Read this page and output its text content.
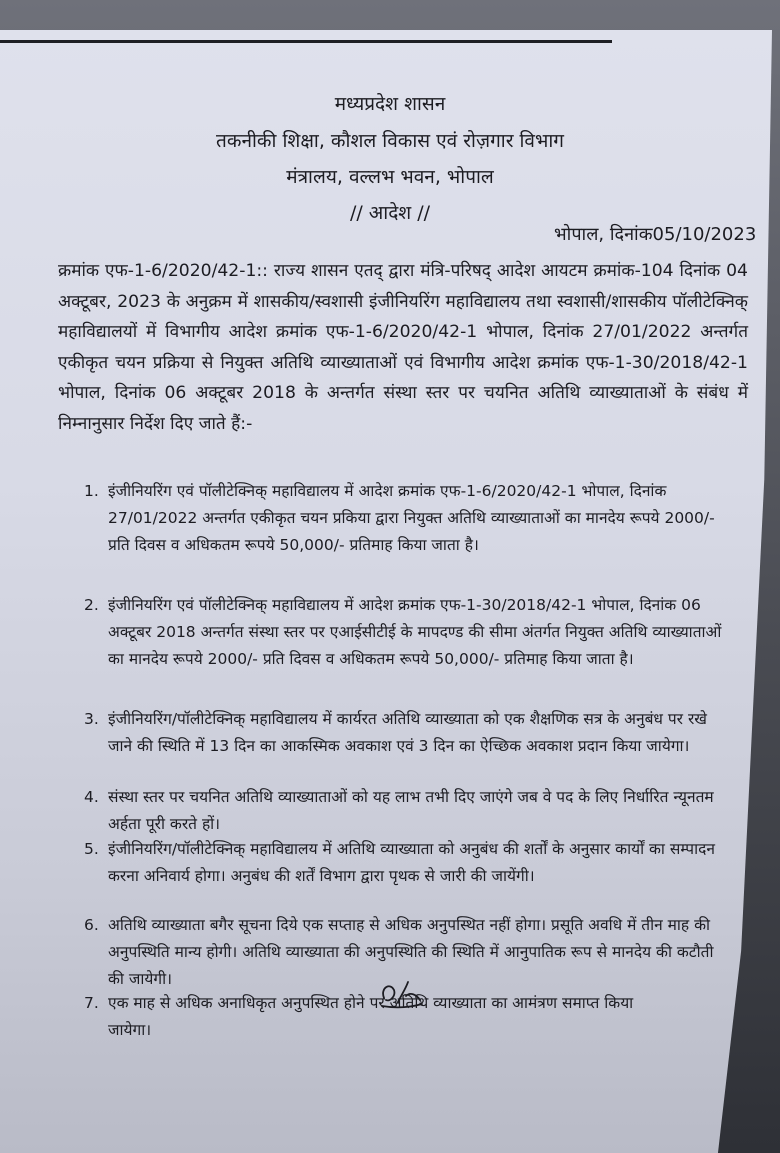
मध्यप्रदेश शासन
तकनीकी शिक्षा, कौशल विकास एवं रोज़गार विभाग
मंत्रालय, वल्लभ भवन, भोपाल
// आदेश //
भोपाल, दिनांक05/10/2023
क्रमांक एफ-1-6/2020/42-1:: राज्य शासन एतद् द्वारा मंत्रि-परिषद् आदेश आयटम क्रमांक-104 दिनांक 04 अक्टूबर, 2023 के अनुक्रम में शासकीय/स्वशासी इंजीनियरिंग महाविद्यालय तथा स्वशासी/शासकीय पॉलीटेक्निक् महाविद्यालयों में विभागीय आदेश क्रमांक एफ-1-6/2020/42-1 भोपाल, दिनांक 27/01/2022 अन्तर्गत एकीकृत चयन प्रक्रिया से नियुक्त अतिथि व्याख्याताओं एवं विभागीय आदेश क्रमांक एफ-1-30/2018/42-1 भोपाल, दिनांक 06 अक्टूबर 2018 के अन्तर्गत संस्था स्तर पर चयनित अतिथि व्याख्याताओं के संबंध में निम्नानुसार निर्देश दिए जाते हैं:-
1. इंजीनियरिंग एवं पॉलीटेक्निक् महाविद्यालय में आदेश क्रमांक एफ-1-6/2020/42-1 भोपाल, दिनांक 27/01/2022 अन्तर्गत एकीकृत चयन प्रकिया द्वारा नियुक्त अतिथि व्याख्याताओं का मानदेय रूपये 2000/- प्रति दिवस व अधिकतम रूपये 50,000/- प्रतिमाह किया जाता है।
2. इंजीनियरिंग एवं पॉलीटेक्निक् महाविद्यालय में आदेश क्रमांक एफ-1-30/2018/42-1 भोपाल, दिनांक 06 अक्टूबर 2018 अन्तर्गत संस्था स्तर पर एआईसीटीई के मापदण्ड की सीमा अंतर्गत नियुक्त अतिथि व्याख्याताओं का मानदेय रूपये 2000/- प्रति दिवस व अधिकतम रूपये 50,000/- प्रतिमाह किया जाता है।
3. इंजीनियरिंग/पॉलीटेक्निक् महाविद्यालय में कार्यरत अतिथि व्याख्याता को एक शैक्षणिक सत्र के अनुबंध पर रखे जाने की स्थिति में 13 दिन का आकस्मिक अवकाश एवं 3 दिन का ऐच्छिक अवकाश प्रदान किया जायेगा।
4. संस्था स्तर पर चयनित अतिथि व्याख्याताओं को यह लाभ तभी दिए जाएंगे जब वे पद के लिए निर्धारित न्यूनतम अर्हता पूरी करते हों।
5. इंजीनियरिंग/पॉलीटेक्निक् महाविद्यालय में अतिथि व्याख्याता को अनुबंध की शर्तों के अनुसार कार्यों का सम्पादन करना अनिवार्य होगा। अनुबंध की शर्तें विभाग द्वारा पृथक से जारी की जायेंगी।
6. अतिथि व्याख्याता बगैर सूचना दिये एक सप्ताह से अधिक अनुपस्थित नहीं होगा। प्रसूति अवधि में तीन माह की अनुपस्थिति मान्य होगी। अतिथि व्याख्याता की अनुपस्थिति की स्थिति में आनुपातिक रूप से मानदेय की कटौती की जायेगी।
7. एक माह से अधिक अनाधिकृत अनुपस्थित होने पर अतिथि व्याख्याता का आमंत्रण समाप्त किया जायेगा।
